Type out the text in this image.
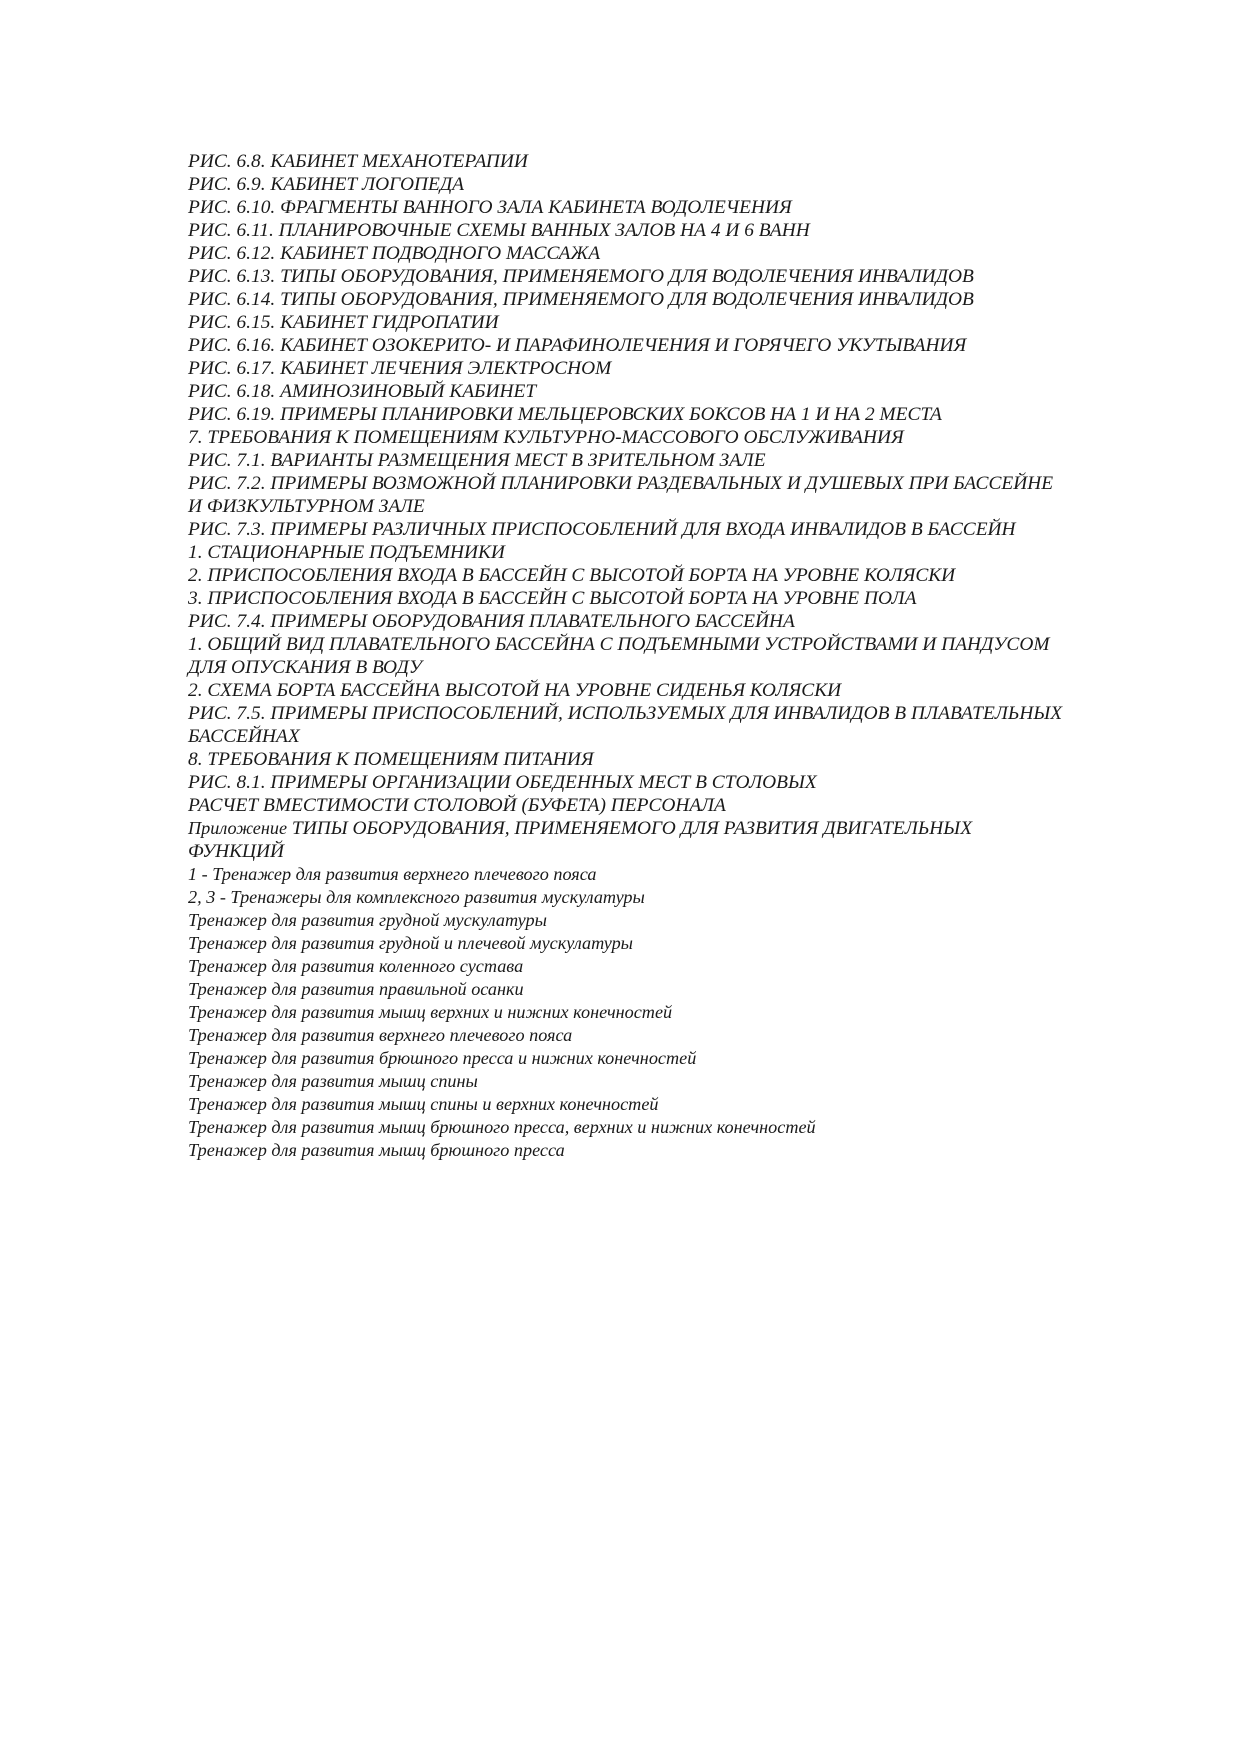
РИС. 6.8. КАБИНЕТ МЕХАНОТЕРАПИИ
РИС. 6.9. КАБИНЕТ ЛОГОПЕДА
РИС. 6.10. ФРАГМЕНТЫ ВАННОГО ЗАЛА КАБИНЕТА ВОДОЛЕЧЕНИЯ
РИС. 6.11. ПЛАНИРОВОЧНЫЕ СХЕМЫ ВАННЫХ ЗАЛОВ НА 4 И 6 ВАНН
РИС. 6.12. КАБИНЕТ ПОДВОДНОГО МАССАЖА
РИС. 6.13. ТИПЫ ОБОРУДОВАНИЯ, ПРИМЕНЯЕМОГО ДЛЯ ВОДОЛЕЧЕНИЯ ИНВАЛИДОВ
РИС. 6.14. ТИПЫ ОБОРУДОВАНИЯ, ПРИМЕНЯЕМОГО ДЛЯ ВОДОЛЕЧЕНИЯ ИНВАЛИДОВ
РИС. 6.15. КАБИНЕТ ГИДРОПАТИИ
РИС. 6.16. КАБИНЕТ ОЗОКЕРИТО- И ПАРАФИНОЛЕЧЕНИЯ И ГОРЯЧЕГО УКУТЫВАНИЯ
РИС. 6.17. КАБИНЕТ ЛЕЧЕНИЯ ЭЛЕКТРОСНОМ
РИС. 6.18. АМИНОЗИНОВЫЙ КАБИНЕТ
РИС. 6.19. ПРИМЕРЫ ПЛАНИРОВКИ МЕЛЬЦЕРОВСКИХ БОКСОВ НА 1 И НА 2 МЕСТА
7. ТРЕБОВАНИЯ К ПОМЕЩЕНИЯМ КУЛЬТУРНО-МАССОВОГО ОБСЛУЖИВАНИЯ
РИС. 7.1. ВАРИАНТЫ РАЗМЕЩЕНИЯ МЕСТ В ЗРИТЕЛЬНОМ ЗАЛЕ
РИС. 7.2. ПРИМЕРЫ ВОЗМОЖНОЙ ПЛАНИРОВКИ РАЗДЕВАЛЬНЫХ И ДУШЕВЫХ ПРИ БАССЕЙНЕ И ФИЗКУЛЬТУРНОМ ЗАЛЕ
РИС. 7.3. ПРИМЕРЫ РАЗЛИЧНЫХ ПРИСПОСОБЛЕНИЙ ДЛЯ ВХОДА ИНВАЛИДОВ В БАССЕЙН
1. СТАЦИОНАРНЫЕ ПОДЪЕМНИКИ
2. ПРИСПОСОБЛЕНИЯ ВХОДА В БАССЕЙН С ВЫСОТОЙ БОРТА НА УРОВНЕ КОЛЯСКИ
3. ПРИСПОСОБЛЕНИЯ ВХОДА В БАССЕЙН С ВЫСОТОЙ БОРТА НА УРОВНЕ ПОЛА
РИС. 7.4. ПРИМЕРЫ ОБОРУДОВАНИЯ ПЛАВАТЕЛЬНОГО БАССЕЙНА
1. ОБЩИЙ ВИД ПЛАВАТЕЛЬНОГО БАССЕЙНА С ПОДЪЕМНЫМИ УСТРОЙСТВАМИ И ПАНДУСОМ ДЛЯ ОПУСКАНИЯ В ВОДУ
2. СХЕМА БОРТА БАССЕЙНА ВЫСОТОЙ НА УРОВНЕ СИДЕНЬЯ КОЛЯСКИ
РИС. 7.5. ПРИМЕРЫ ПРИСПОСОБЛЕНИЙ, ИСПОЛЬЗУЕМЫХ ДЛЯ ИНВАЛИДОВ В ПЛАВАТЕЛЬНЫХ БАССЕЙНАХ
8. ТРЕБОВАНИЯ К ПОМЕЩЕНИЯМ ПИТАНИЯ
РИС. 8.1. ПРИМЕРЫ ОРГАНИЗАЦИИ ОБЕДЕННЫХ МЕСТ В СТОЛОВЫХ
РАСЧЕТ ВМЕСТИМОСТИ СТОЛОВОЙ (БУФЕТА) ПЕРСОНАЛА
Приложение ТИПЫ ОБОРУДОВАНИЯ, ПРИМЕНЯЕМОГО ДЛЯ РАЗВИТИЯ ДВИГАТЕЛЬНЫХ ФУНКЦИЙ
1 - Тренажер для развития верхнего плечевого пояса
2, 3 - Тренажеры для комплексного развития мускулатуры
Тренажер для развития грудной мускулатуры
Тренажер для развития грудной и плечевой мускулатуры
Тренажер для развития коленного сустава
Тренажер для развития правильной осанки
Тренажер для развития мышц верхних и нижних конечностей
Тренажер для развития верхнего плечевого пояса
Тренажер для развития брюшного пресса и нижних конечностей
Тренажер для развития мышц спины
Тренажер для развития мышц спины и верхних конечностей
Тренажер для развития мышц брюшного пресса, верхних и нижних конечностей
Тренажер для развития мышц брюшного пресса
